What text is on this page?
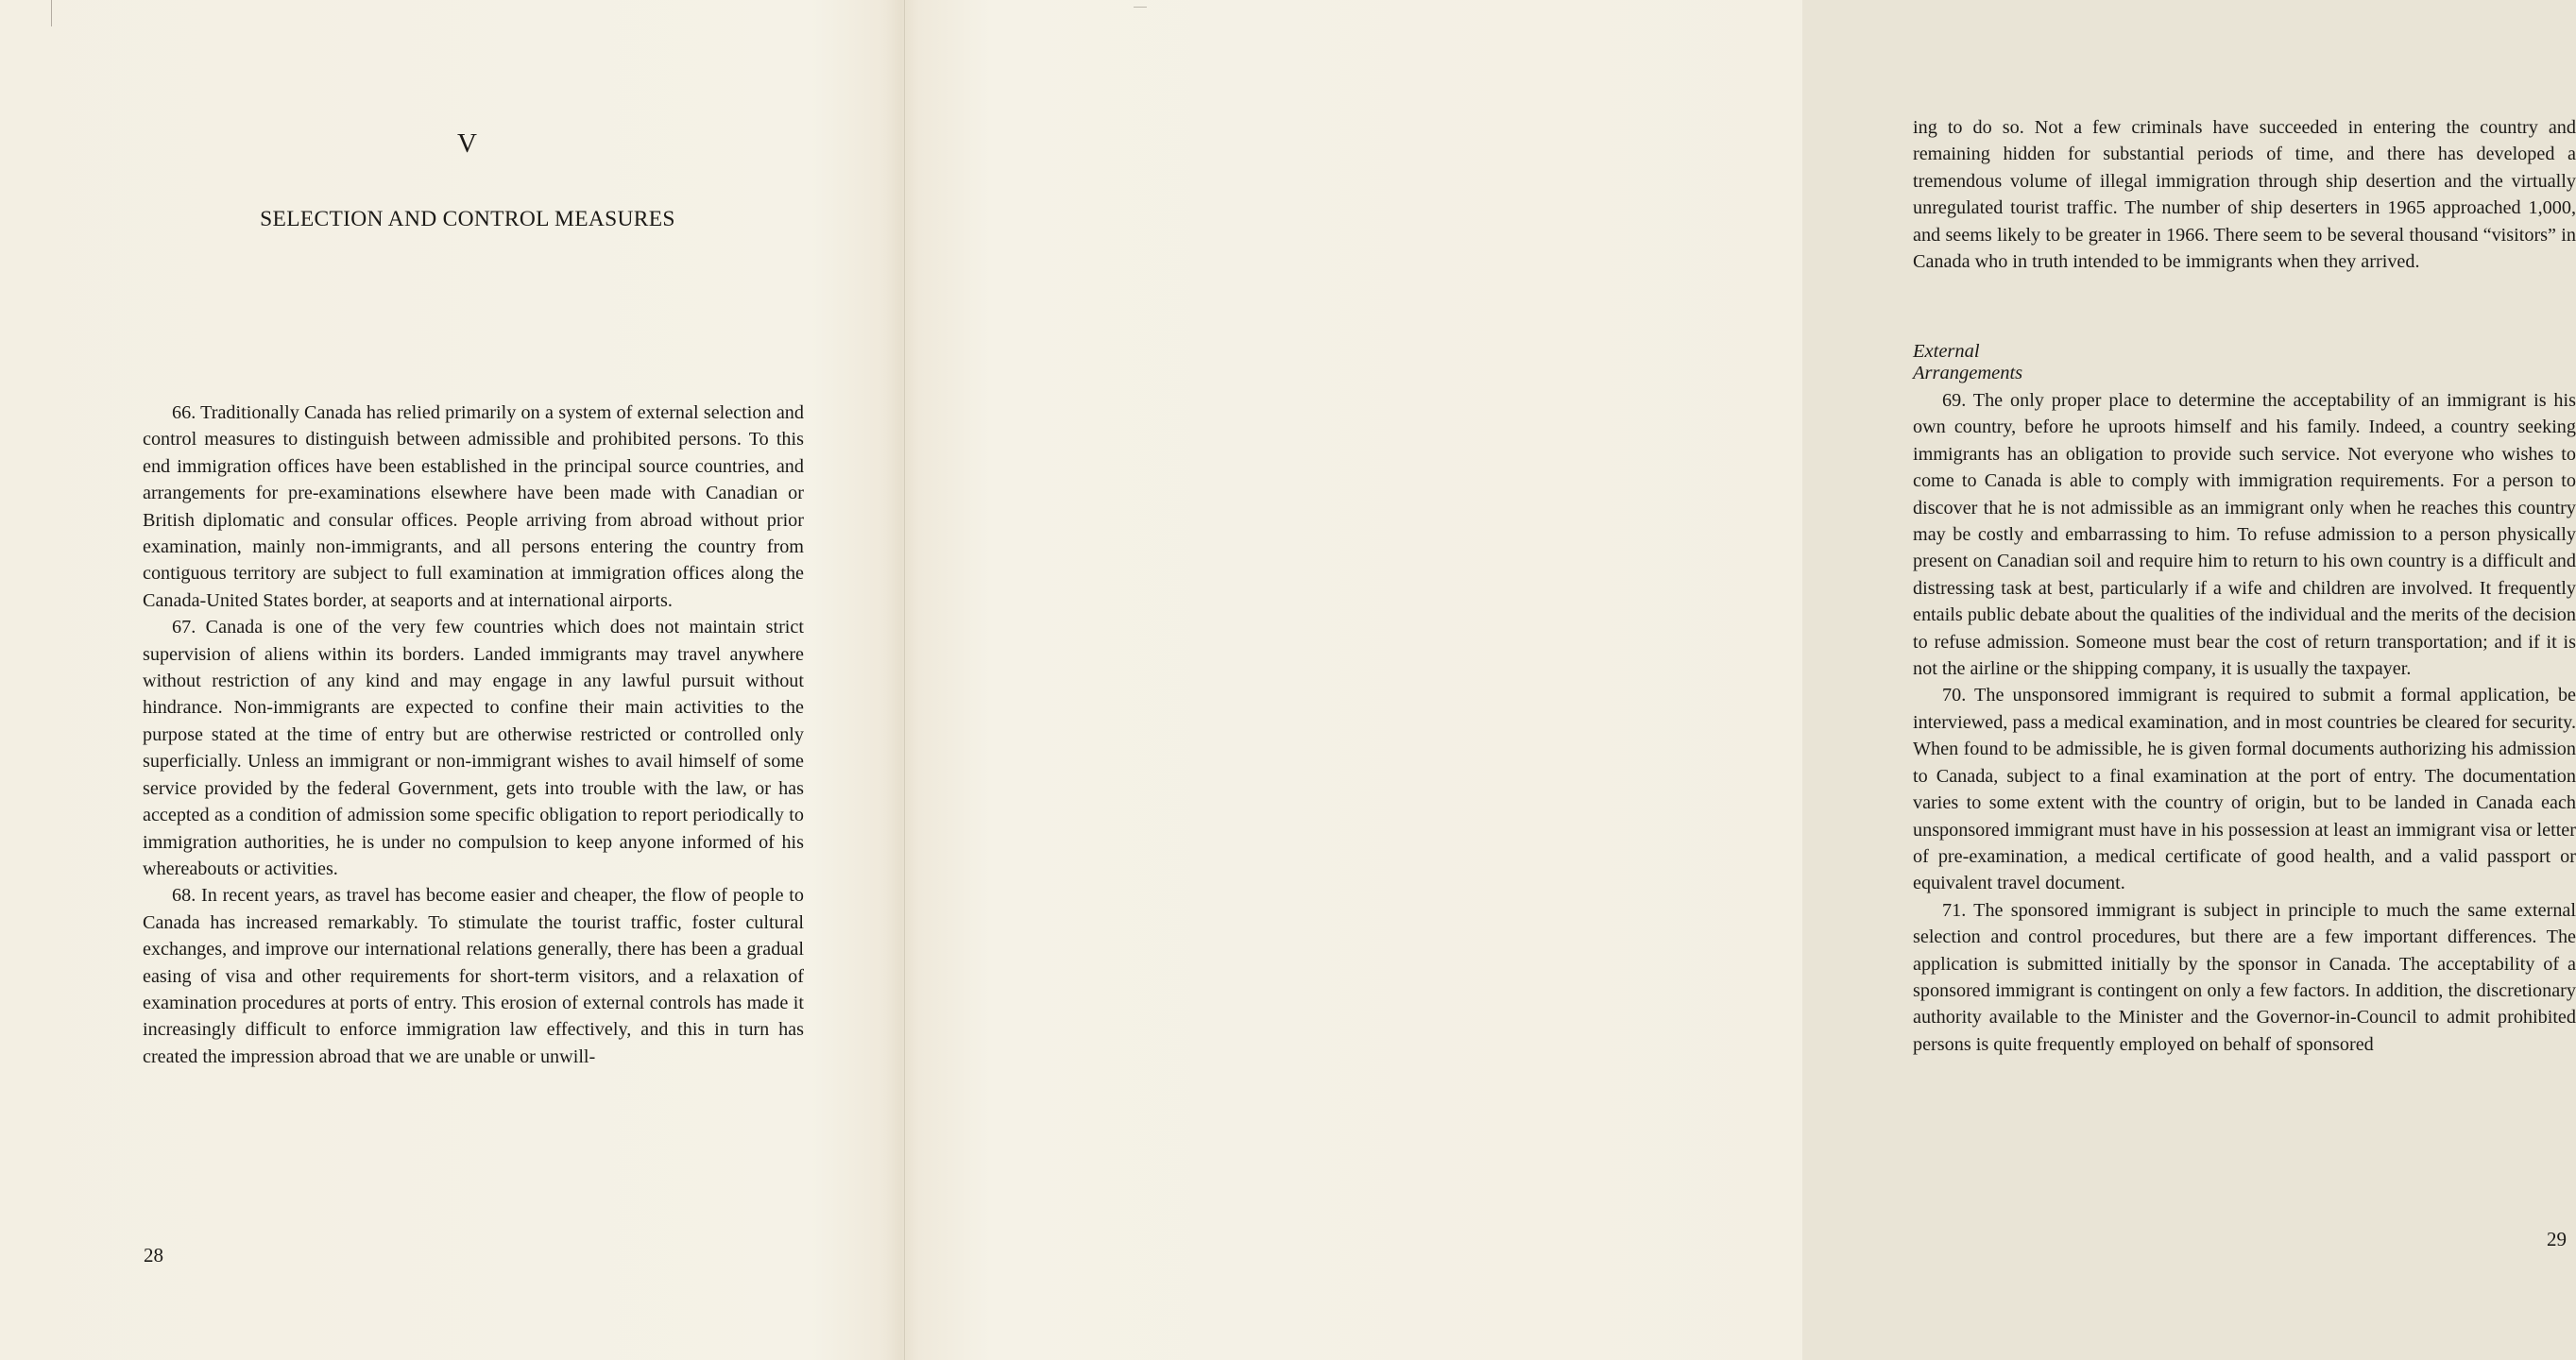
V
SELECTION AND CONTROL MEASURES

66. Traditionally Canada has relied primarily on a system of external selection and control measures to distinguish between admissible and prohibited persons. To this end immigration offices have been established in the principal source countries, and arrangements for pre-examinations elsewhere have been made with Canadian or British diplomatic and consular offices. People arriving from abroad without prior examination, mainly non-immigrants, and all persons entering the country from contiguous territory are subject to full examination at immigration offices along the Canada-United States border, at seaports and at international airports.

67. Canada is one of the very few countries which does not maintain strict supervision of aliens within its borders. Landed immigrants may travel anywhere without restriction of any kind and may engage in any lawful pursuit without hindrance. Non-immigrants are expected to confine their main activities to the purpose stated at the time of entry but are otherwise restricted or controlled only superficially. Unless an immigrant or non-immigrant wishes to avail himself of some service provided by the federal Government, gets into trouble with the law, or has accepted as a condition of admission some specific obligation to report periodically to immigration authorities, he is under no compulsion to keep anyone informed of his whereabouts or activities.

68. In recent years, as travel has become easier and cheaper, the flow of people to Canada has increased remarkably. To stimulate the tourist traffic, foster cultural exchanges, and improve our international relations generally, there has been a gradual easing of visa and other requirements for short-term visitors, and a relaxation of examination procedures at ports of entry. This erosion of external controls has made it increasingly difficult to enforce immigration law effectively, and this in turn has created the impression abroad that we are unable or unwill-

28

ing to do so. Not a few criminals have succeeded in entering the country and remaining hidden for substantial periods of time, and there has developed a tremendous volume of illegal immigration through ship desertion and the virtually unregulated tourist traffic. The number of ship deserters in 1965 approached 1,000, and seems likely to be greater in 1966. There seem to be several thousand “visitors” in Canada who in truth intended to be immigrants when they arrived.

External Arrangements

69. The only proper place to determine the acceptability of an immigrant is his own country, before he uproots himself and his family. Indeed, a country seeking immigrants has an obligation to provide such service. Not everyone who wishes to come to Canada is able to comply with immigration requirements. For a person to discover that he is not admissible as an immigrant only when he reaches this country may be costly and embarrassing to him. To refuse admission to a person physically present on Canadian soil and require him to return to his own country is a difficult and distressing task at best, particularly if a wife and children are involved. It frequently entails public debate about the qualities of the individual and the merits of the decision to refuse admission. Someone must bear the cost of return transportation; and if it is not the airline or the shipping company, it is usually the taxpayer.

70. The unsponsored immigrant is required to submit a formal application, be interviewed, pass a medical examination, and in most countries be cleared for security. When found to be admissible, he is given formal documents authorizing his admission to Canada, subject to a final examination at the port of entry. The documentation varies to some extent with the country of origin, but to be landed in Canada each unsponsored immigrant must have in his possession at least an immigrant visa or letter of pre-examination, a medical certificate of good health, and a valid passport or equivalent travel document.

71. The sponsored immigrant is subject in principle to much the same external selection and control procedures, but there are a few important differences. The application is submitted initially by the sponsor in Canada. The acceptability of a sponsored immigrant is contingent on only a few factors. In addition, the discretionary authority available to the Minister and the Governor-in-Council to admit prohibited persons is quite frequently employed on behalf of sponsored

29
